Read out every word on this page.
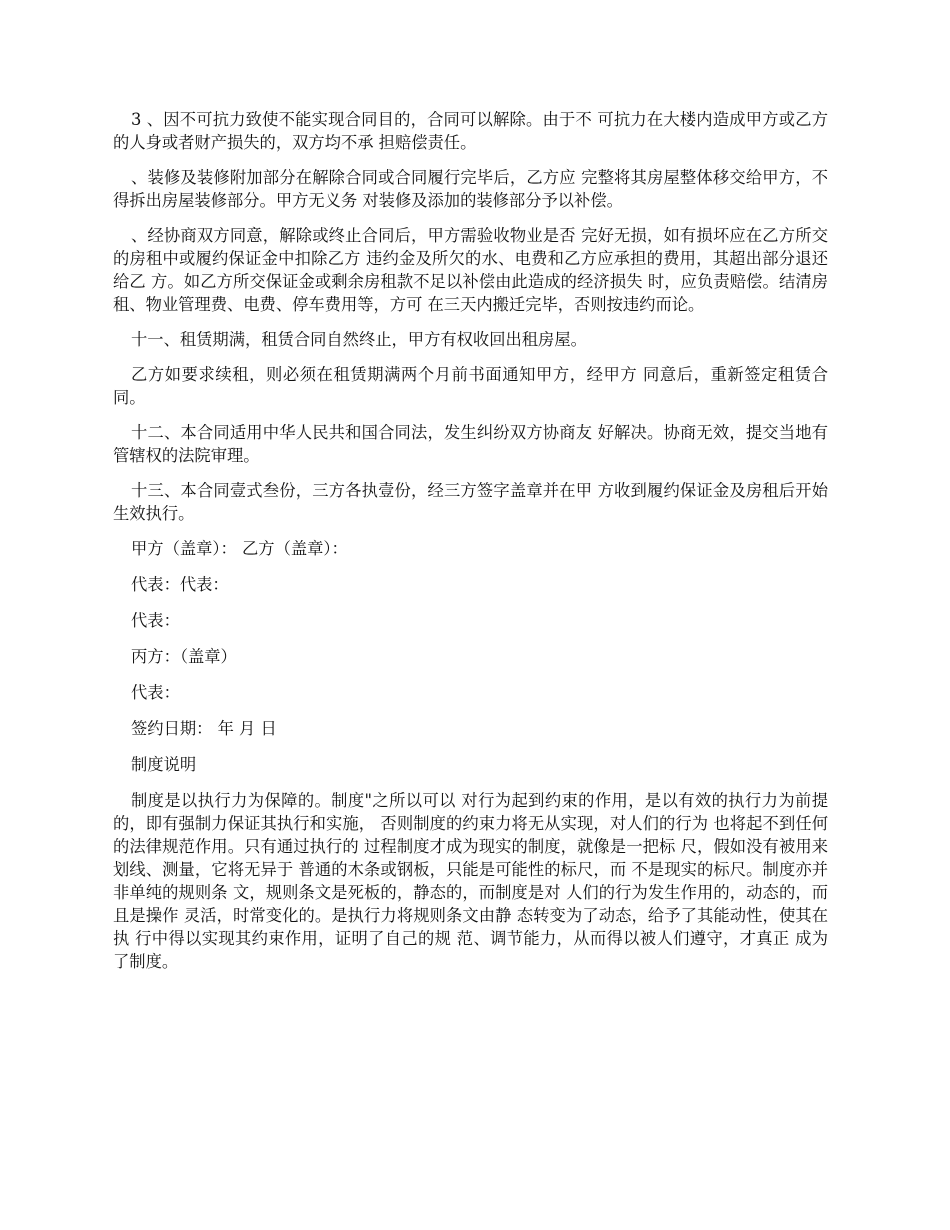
3 、因不可抗力致使不能实现合同目的，合同可以解除。由于不 可抗力在大楼内造成甲方或乙方的人身或者财产损失的，双方均不承 担赔偿责任。

、装修及装修附加部分在解除合同或合同履行完毕后，乙方应 完整将其房屋整体移交给甲方，不得拆出房屋装修部分。甲方无义务 对装修及添加的装修部分予以补偿。

、经协商双方同意，解除或终止合同后，甲方需验收物业是否 完好无损，如有损坏应在乙方所交的房租中或履约保证金中扣除乙方 违约金及所欠的水、电费和乙方应承担的费用，其超出部分退还给乙 方。如乙方所交保证金或剩余房租款不足以补偿由此造成的经济损失 时，应负责赔偿。结清房租、物业管理费、电费、停车费用等，方可 在三天内搬迁完毕，否则按违约而论。

十一、租赁期满，租赁合同自然终止，甲方有权收回出租房屋。

乙方如要求续租，则必须在租赁期满两个月前书面通知甲方，经甲方 同意后，重新签定租赁合同。

十二、本合同适用中华人民共和国合同法，发生纠纷双方协商友 好解决。协商无效，提交当地有管辖权的法院审理。

十三、本合同壹式叁份，三方各执壹份，经三方签字盖章并在甲 方收到履约保证金及房租后开始生效执行。

甲方（盖章）： 乙方（盖章）：

代表：代表：

代表：

丙方：（盖章）

代表：

签约日期： 年 月 日

制度说明

制度是以执行力为保障的。制度"之所以可以 对行为起到约束的作用，是以有效的执行力为前提的，即有强制力保证其执行和实施， 否则制度的约束力将无从实现，对人们的行为 也将起不到任何的法律规范作用。只有通过执行的 过程制度才成为现实的制度，就像是一把标 尺，假如没有被用来划线、测量，它将无异于 普通的木条或钢板，只能是可能性的标尺，而 不是现实的标尺。制度亦并非单纯的规则条 文，规则条文是死板的，静态的，而制度是对 人们的行为发生作用的，动态的，而且是操作 灵活，时常变化的。是执行力将规则条文由静 态转变为了动态，给予了其能动性，使其在执 行中得以实现其约束作用，证明了自己的规 范、调节能力，从而得以被人们遵守，才真正 成为了制度。
